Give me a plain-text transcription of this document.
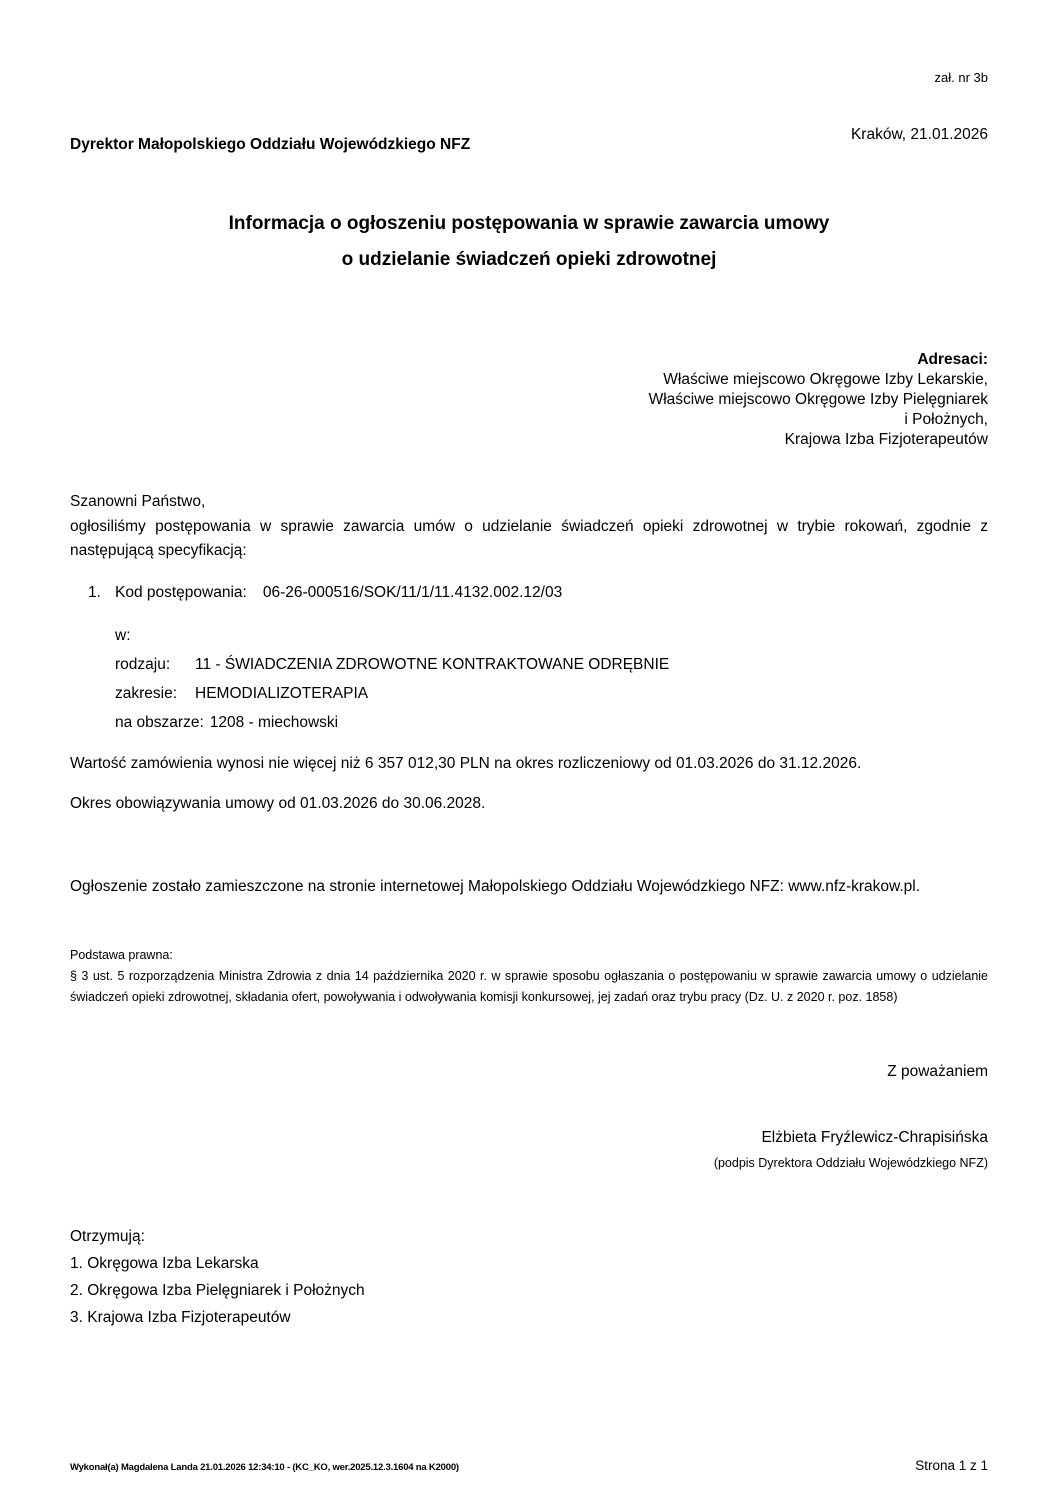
zał. nr 3b
Dyrektor Małopolskiego Oddziału Wojewódzkiego NFZ
Kraków, 21.01.2026
Informacja o ogłoszeniu postępowania w sprawie zawarcia umowy
o udzielanie świadczeń opieki zdrowotnej
Adresaci:
Właściwe miejscowo Okręgowe Izby Lekarskie,
Właściwe miejscowo Okręgowe Izby Pielęgniarek
i Położnych,
Krajowa Izba Fizjoterapeutów
Szanowni Państwo,
ogłosiliśmy postępowania w sprawie zawarcia umów o udzielanie świadczeń opieki zdrowotnej w trybie rokowań, zgodnie z następującą specyfikacją:
1. Kod postępowania: 06-26-000516/SOK/11/1/11.4132.002.12/03
w:
rodzaju: 11 - ŚWIADCZENIA ZDROWOTNE KONTRAKTOWANE ODRĘBNIE
zakresie: HEMODIALIZOTERAPIA
na obszarze: 1208 - miechowski
Wartość zamówienia wynosi nie więcej niż 6 357 012,30 PLN na okres rozliczeniowy od 01.03.2026 do 31.12.2026.
Okres obowiązywania umowy od 01.03.2026 do 30.06.2028.
Ogłoszenie zostało zamieszczone na stronie internetowej Małopolskiego Oddziału Wojewódzkiego NFZ: www.nfz-krakow.pl.
Podstawa prawna:
§ 3 ust. 5 rozporządzenia Ministra Zdrowia z dnia 14 października 2020 r. w sprawie sposobu ogłaszania o postępowaniu w sprawie zawarcia umowy o udzielanie świadczeń opieki zdrowotnej, składania ofert, powoływania i odwoływania komisji konkursowej, jej zadań oraz trybu pracy (Dz. U. z 2020 r. poz. 1858)
Z poważaniem
Elżbieta Fryźlewicz-Chrapisińska
(podpis Dyrektora Oddziału Wojewódzkiego NFZ)
Otrzymują:
1. Okręgowa Izba Lekarska
2. Okręgowa Izba Pielęgniarek i Położnych
3. Krajowa Izba Fizjoterapeutów
Wykonał(a) Magdalena Landa 21.01.2026 12:34:10 - (KC_KO, wer.2025.12.3.1604 na K2000)	Strona 1 z 1
